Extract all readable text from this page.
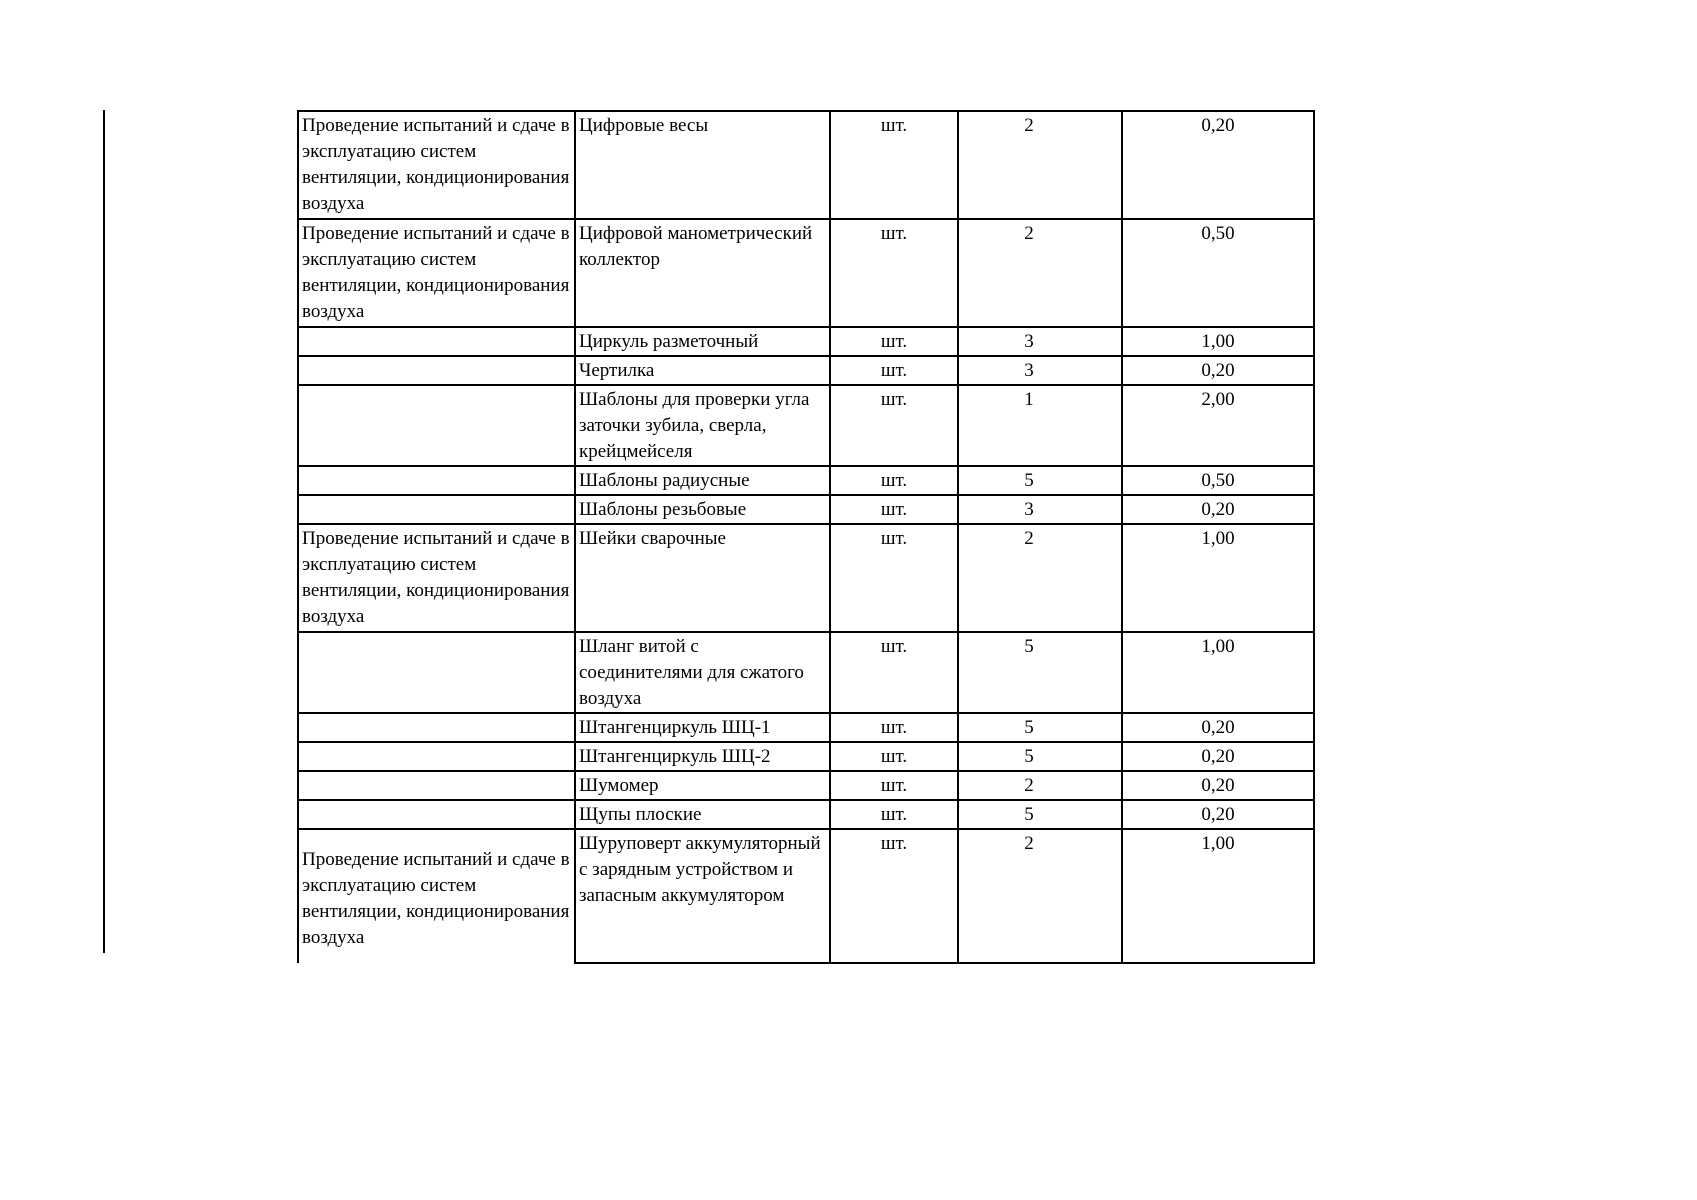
Проведение испытаний и сдаче в эксплуатацию систем вентиляции, кондиционирования воздуха	Цифровые весы	шт.	2	0,20
Проведение испытаний и сдаче в эксплуатацию систем вентиляции, кондиционирования воздуха	Цифровой манометрический коллектор	шт.	2	0,50
	Циркуль разметочный	шт.	3	1,00
	Чертилка	шт.	3	0,20
	Шаблоны для проверки угла заточки зубила, сверла, крейцмейселя	шт.	1	2,00
	Шаблоны радиусные	шт.	5	0,50
	Шаблоны резьбовые	шт.	3	0,20
Проведение испытаний и сдаче в эксплуатацию систем вентиляции, кондиционирования воздуха	Шейки сварочные	шт.	2	1,00
	Шланг витой с соединителями для сжатого воздуха	шт.	5	1,00
	Штангенциркуль ШЦ-1	шт.	5	0,20
	Штангенциркуль ШЦ-2	шт.	5	0,20
	Шумомер	шт.	2	0,20
	Щупы плоские	шт.	5	0,20
Проведение испытаний и сдаче в эксплуатацию систем вентиляции, кондиционирования воздуха	Шуруповерт аккумуляторный с зарядным устройством и запасным аккумулятором	шт.	2	1,00
